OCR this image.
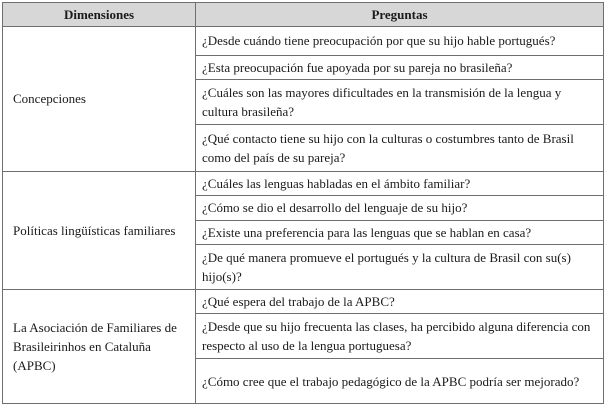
Dimensiones	Preguntas
Concepciones	¿Desde cuándo tiene preocupación por que su hijo hable portugués?
	¿Esta preocupación fue apoyada por su pareja no brasileña?
	¿Cuáles son las mayores dificultades en la transmisión de la lengua y cultura brasileña?
	¿Qué contacto tiene su hijo con la culturas o costumbres tanto de Brasil como del país de su pareja?
Políticas lingüísticas familiares	¿Cuáles las lenguas habladas en el ámbito familiar?
	¿Cómo se dio el desarrollo del lenguaje de su hijo?
	¿Existe una preferencia para las lenguas que se hablan en casa?
	¿De qué manera promueve el portugués y la cultura de Brasil con su(s) hijo(s)?
La Asociación de Familiares de Brasileirinhos en Cataluña (APBC)	¿Qué espera del trabajo de la APBC?
	¿Desde que su hijo frecuenta las clases, ha percibido alguna diferencia con respecto al uso de la lengua portuguesa?
	¿Cómo cree que el trabajo pedagógico de la APBC podría ser mejorado?
